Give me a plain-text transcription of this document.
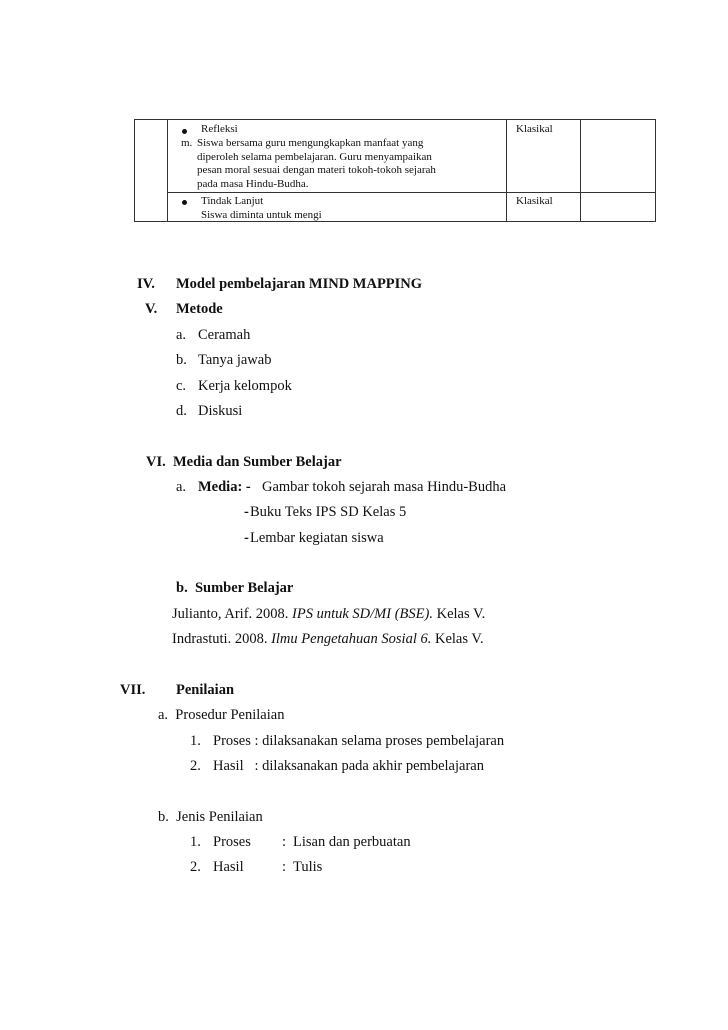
Refleksi
m. Siswa bersama guru mengungkapkan manfaat yang
diperoleh selama pembelajaran. Guru menyampaikan
pesan moral sesuai dengan materi tokoh-tokoh sejarah
pada masa Hindu-Budha.
Klasikal
Tindak Lanjut
Siswa diminta untuk mengi
Klasikal
IV. Model pembelajaran MIND MAPPING
V. Metode
a. Ceramah
b. Tanya jawab
c. Kerja kelompok
d. Diskusi
VI. Media dan Sumber Belajar
a. Media: - Gambar tokoh sejarah masa Hindu-Budha
- Buku Teks IPS SD Kelas 5
- Lembar kegiatan siswa
b.  Sumber Belajar
Julianto, Arif. 2008. IPS untuk SD/MI (BSE). Kelas V.
Indrastuti. 2008. Ilmu Pengetahuan Sosial 6. Kelas V.
VII. Penilaian
a.  Prosedur Penilaian
1. Proses : dilaksanakan selama proses pembelajaran
2. Hasil   : dilaksanakan pada akhir pembelajaran
b.  Jenis Penilaian
1. Proses : Lisan dan perbuatan
2. Hasil	: Tulis
